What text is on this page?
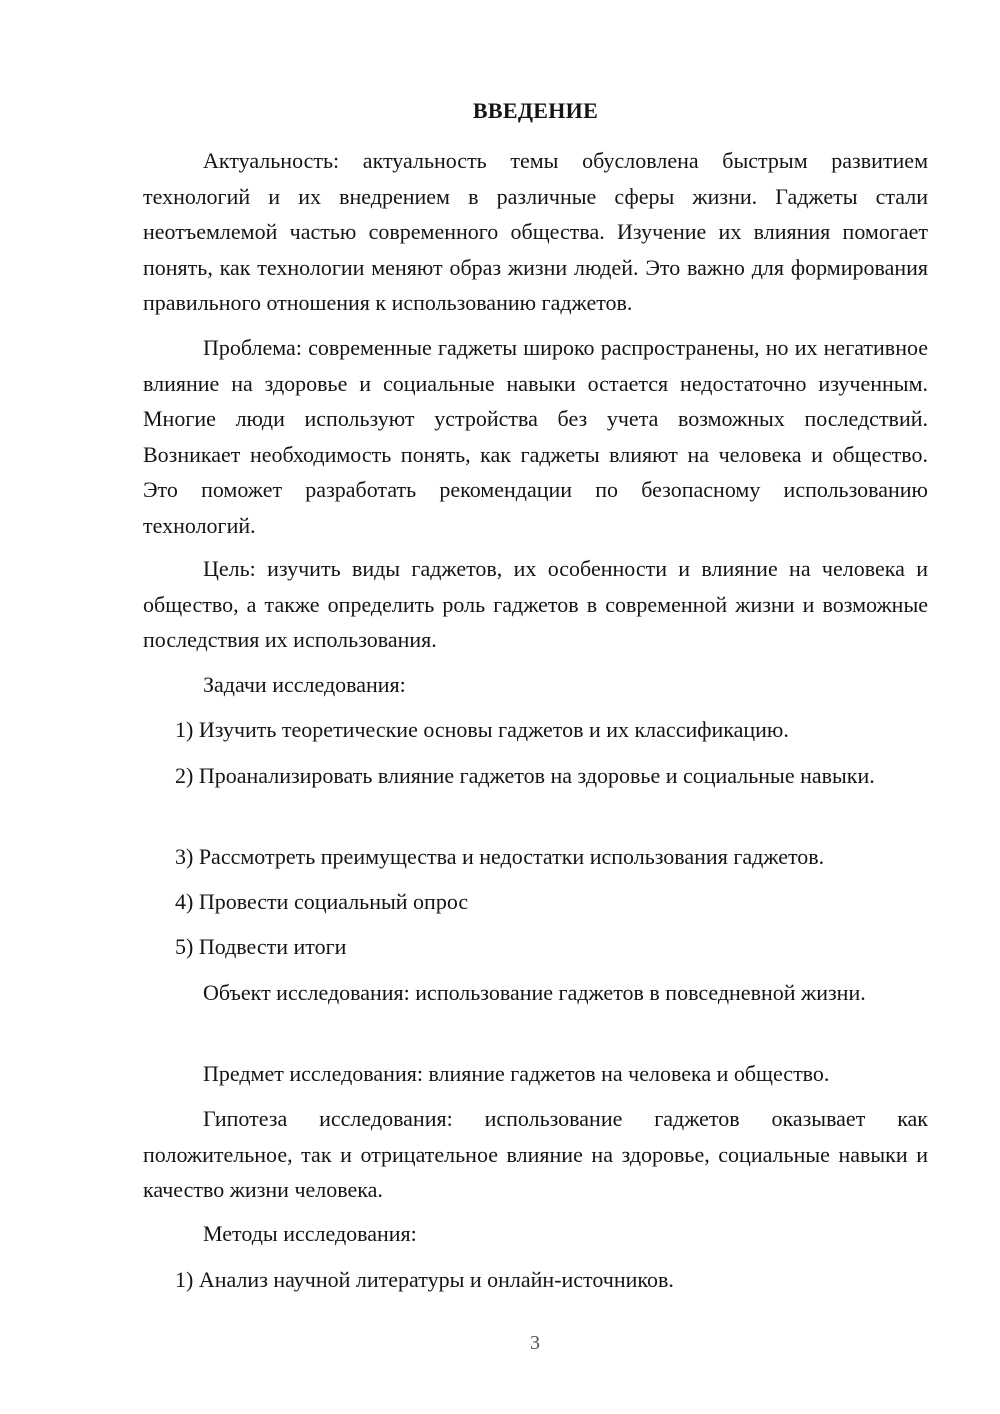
ВВЕДЕНИЕ

Актуальность: актуальность темы обусловлена быстрым развитием технологий и их внедрением в различные сферы жизни. Гаджеты стали неотъемлемой частью современного общества. Изучение их влияния помогает понять, как технологии меняют образ жизни людей. Это важно для формирования правильного отношения к использованию гаджетов.

Проблема: современные гаджеты широко распространены, но их негативное влияние на здоровье и социальные навыки остается недостаточно изученным. Многие люди используют устройства без учета возможных последствий. Возникает необходимость понять, как гаджеты влияют на человека и общество. Это поможет разработать рекомендации по безопасному использованию технологий.

Цель: изучить виды гаджетов, их особенности и влияние на человека и общество, а также определить роль гаджетов в современной жизни и возможные последствия их использования.

Задачи исследования:

1) Изучить теоретические основы гаджетов и их классификацию.

2) Проанализировать влияние гаджетов на здоровье и социальные навыки.

3) Рассмотреть преимущества и недостатки использования гаджетов.

4) Провести социальный опрос

5) Подвести итоги

Объект исследования: использование гаджетов в повседневной жизни.

Предмет исследования: влияние гаджетов на человека и общество.

Гипотеза исследования: использование гаджетов оказывает как положительное, так и отрицательное влияние на здоровье, социальные навыки и качество жизни человека.

Методы исследования:

1) Анализ научной литературы и онлайн-источников.

3
